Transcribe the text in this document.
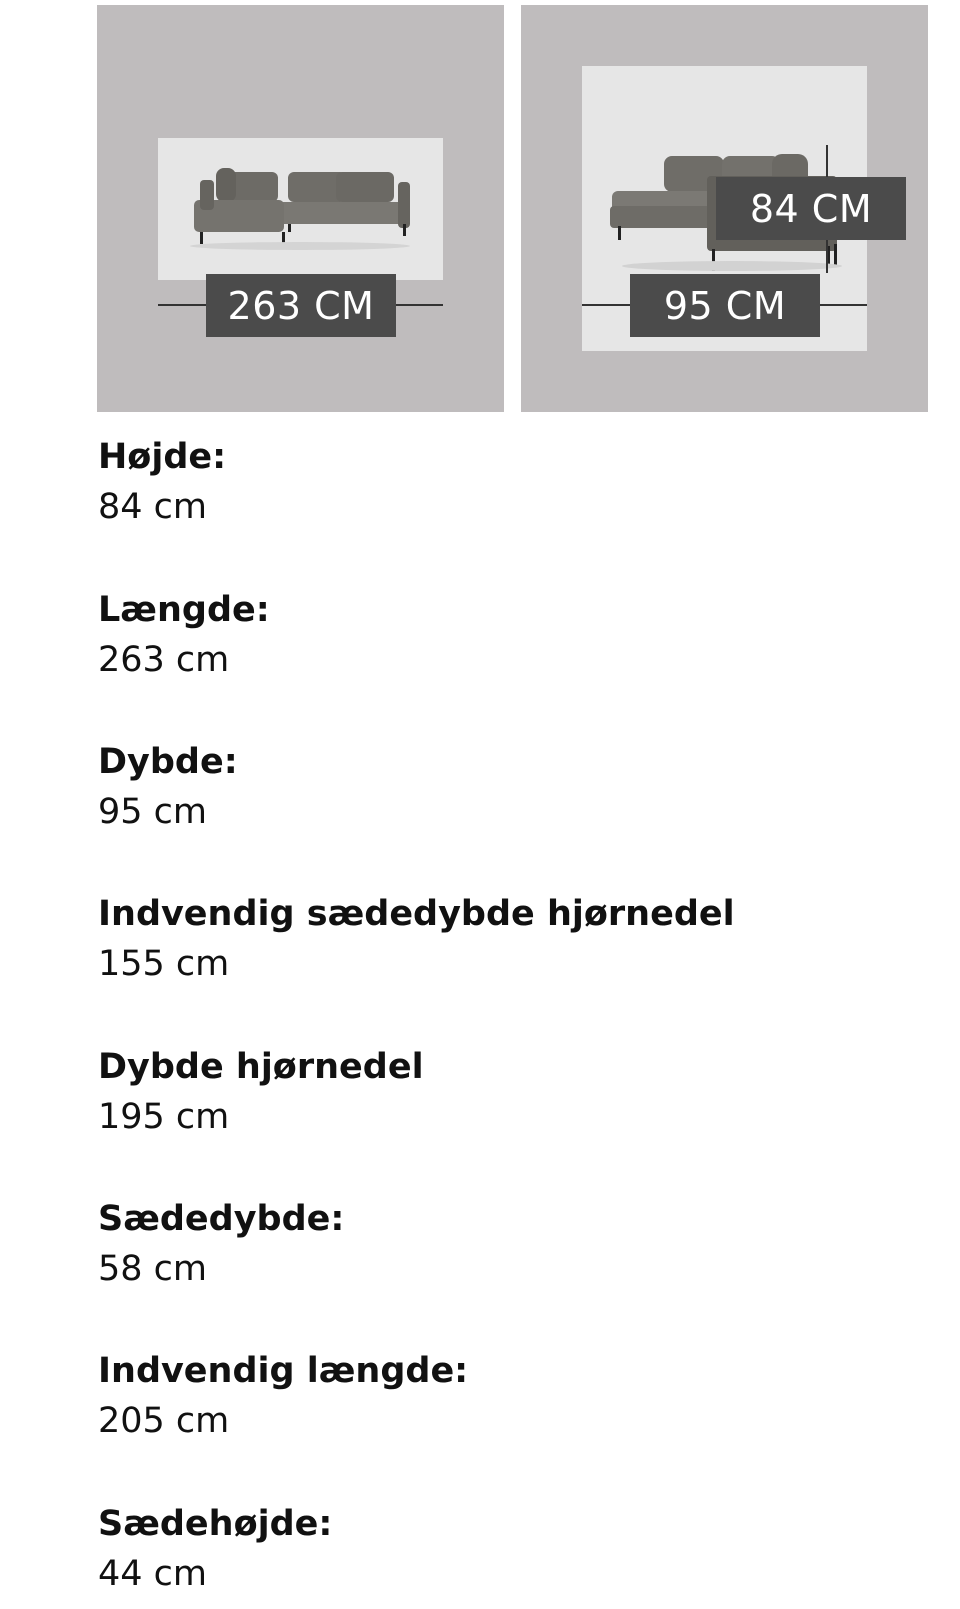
263 CM
84 CM
95 CM
Højde:
84 cm
Længde:
263 cm
Dybde:
95 cm
Indvendig sædedybde hjørnedel
155 cm
Dybde hjørnedel
195 cm
Sædedybde:
58 cm
Indvendig længde:
205 cm
Sædehøjde:
44 cm
